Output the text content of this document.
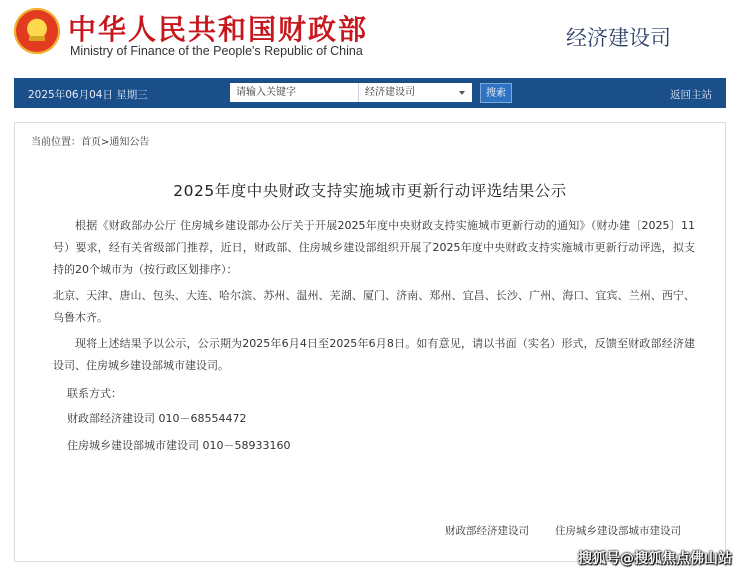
中华人民共和国财政部
Ministry of Finance of the People's Republic of China
经济建设司
2025年06月04日 星期三
请输入关键字	经济建设司	搜索	返回主站
当前位置：首页>通知公告
2025年度中央财政支持实施城市更新行动评选结果公示

根据《财政部办公厅 住房城乡建设部办公厅关于开展2025年度中央财政支持实施城市更新行动的通知》（财办建〔2025〕11号）要求，经有关省级部门推荐，近日，财政部、住房城乡建设部组织开展了2025年度中央财政支持实施城市更新行动评选，拟支持的20个城市为（按行政区划排序）：

北京、天津、唐山、包头、大连、哈尔滨、苏州、温州、芜湖、厦门、济南、郑州、宜昌、长沙、广州、海口、宜宾、兰州、西宁、乌鲁木齐。

现将上述结果予以公示，公示期为2025年6月4日至2025年6月8日。如有意见，请以书面（实名）形式，反馈至财政部经济建设司、住房城乡建设部城市建设司。

联系方式：
财政部经济建设司 010－68554472
住房城乡建设部城市建设司 010－58933160
财政部经济建设司 住房城乡建设部城市建设司
搜狐号@搜狐焦点佛山站
